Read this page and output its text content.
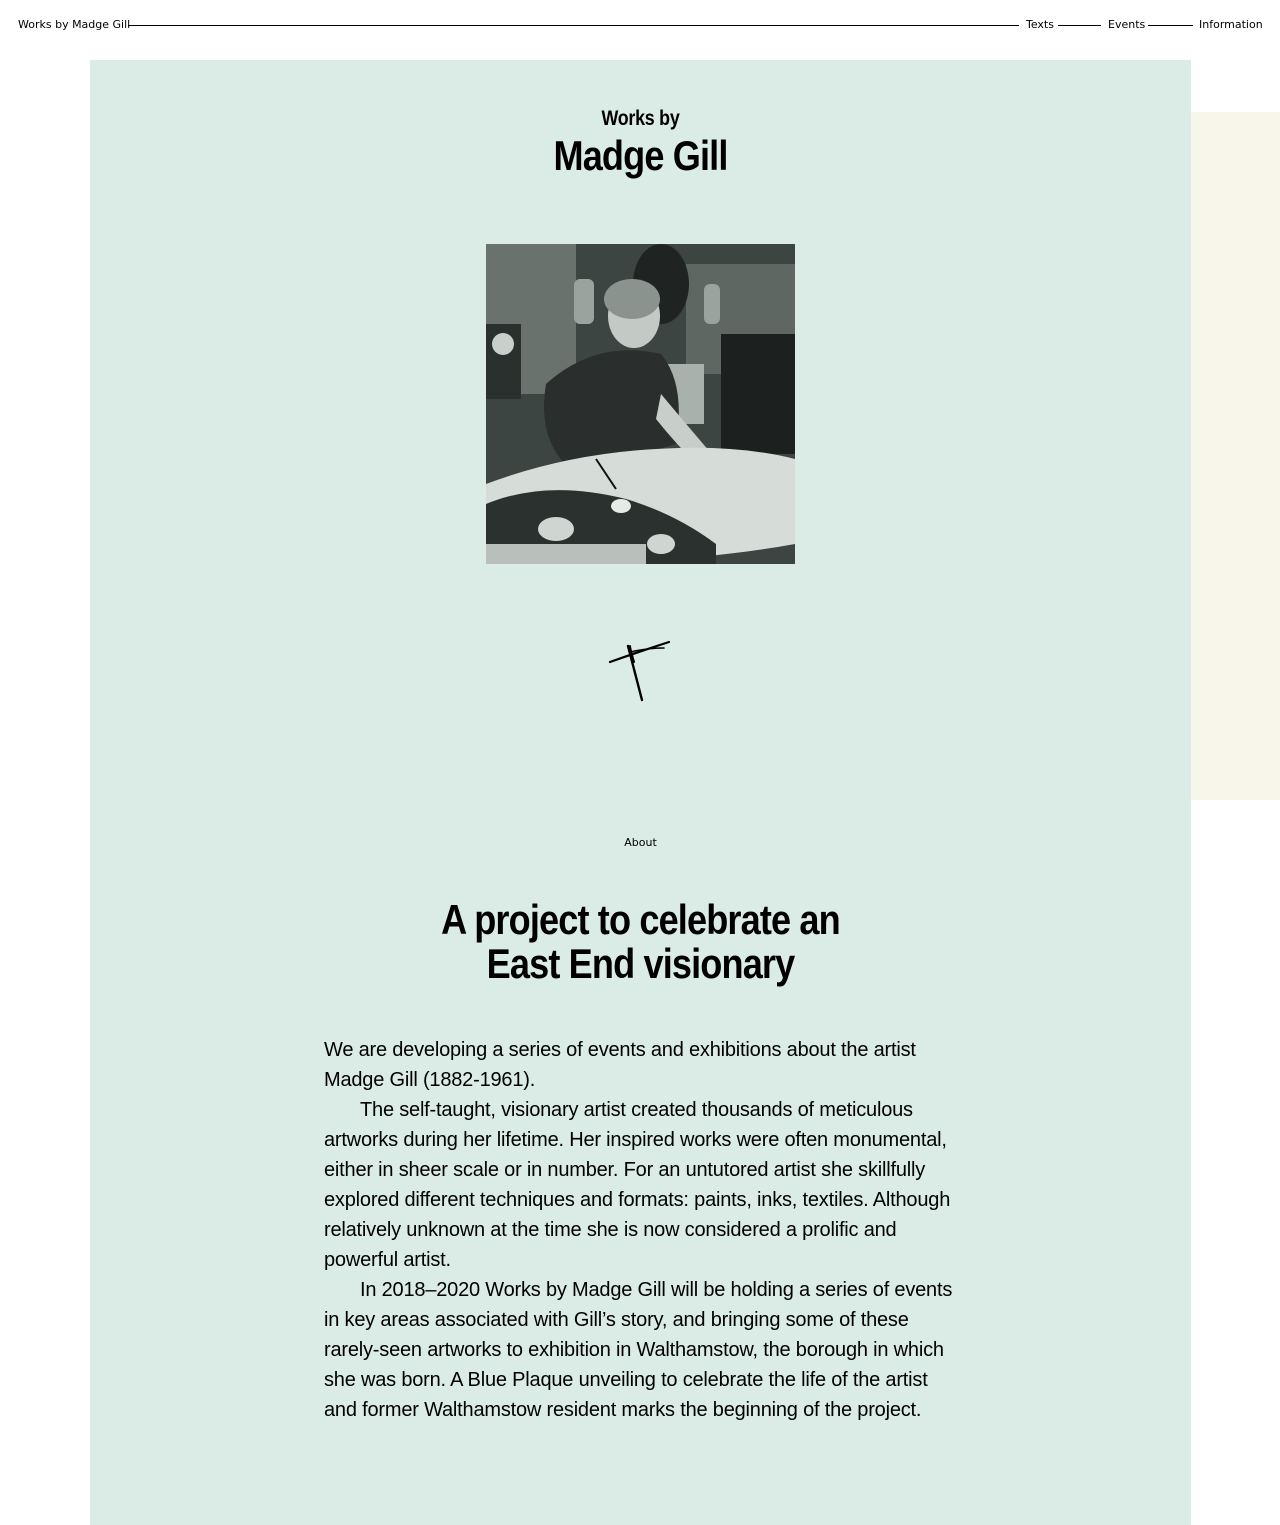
Works by Madge Gill	Texts	Events	Information
Works by
Madge Gill
About
A project to celebrate an
East End visionary

We are developing a series of events and exhibitions about the artist Madge Gill (1882-1961).

The self-taught, visionary artist created thousands of meticulous artworks during her lifetime. Her inspired works were often monumental, either in sheer scale or in number. For an untutored artist she skillfully explored different techniques and formats: paints, inks, textiles. Although relatively unknown at the time she is now considered a prolific and powerful artist.

In 2018–2020 Works by Madge Gill will be holding a series of events in key areas associated with Gill’s story, and bringing some of these rarely-seen artworks to exhibition in Walthamstow, the borough in which she was born. A Blue Plaque unveiling to celebrate the life of the artist and former Walthamstow resident marks the beginning of the project.
